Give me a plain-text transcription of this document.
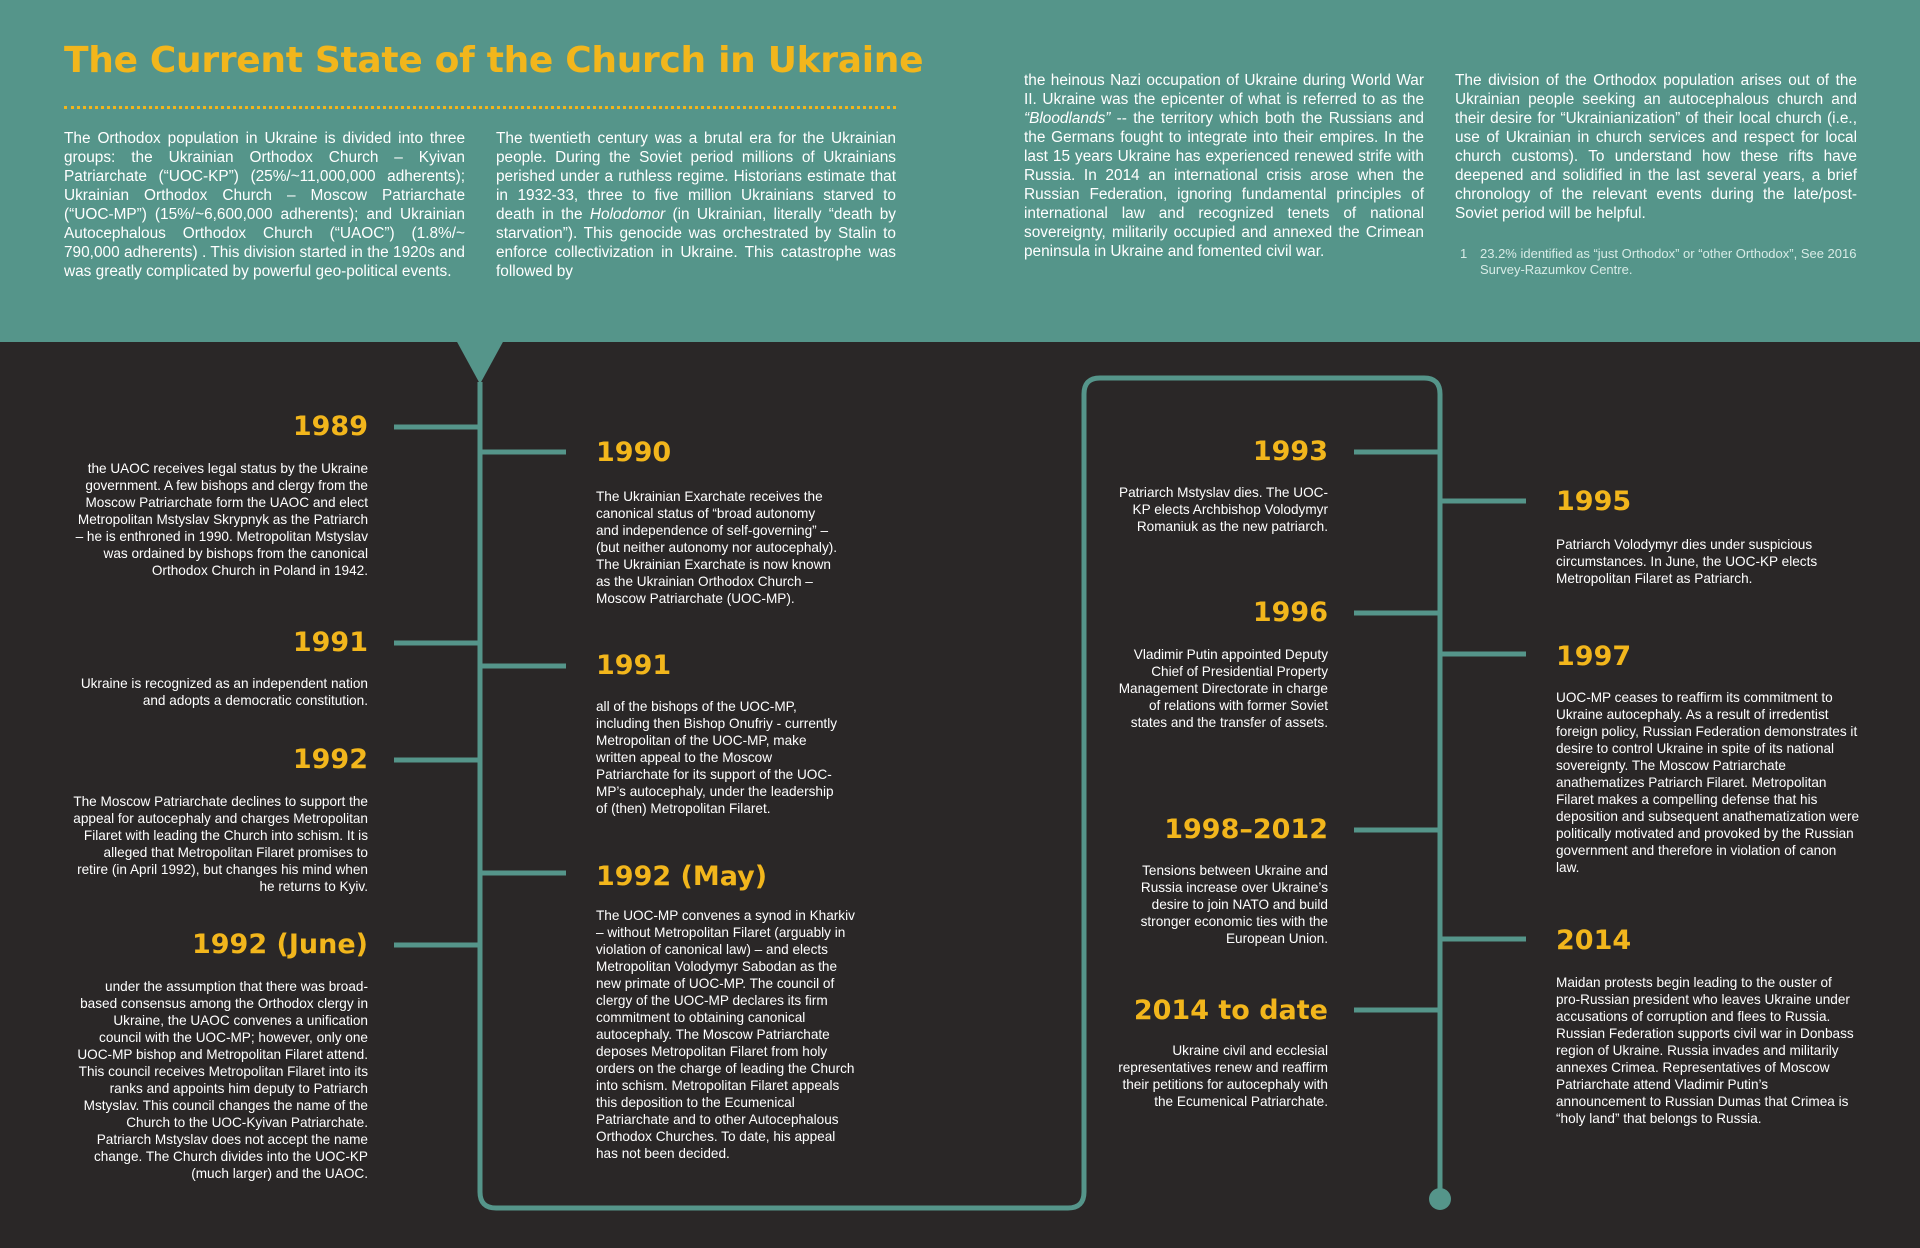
The Current State of the Church in Ukraine

The Orthodox population in Ukraine is divided into three groups: the Ukrainian Orthodox Church – Kyivan Patriarchate (“UOC-KP”) (25%/~11,000,000 adherents); Ukrainian Orthodox Church – Moscow Patriarchate (“UOC-MP”) (15%/~6,600,000 adherents); and Ukrainian Autocephalous Orthodox Church (“UAOC”) (1.8%/~ 790,000 adherents) . This division started in the 1920s and was greatly complicated by powerful geo-political events.

The twentieth century was a brutal era for the Ukrainian people. During the Soviet period millions of Ukrainians perished under a ruthless regime. Historians estimate that in 1932-33, three to five million Ukrainians starved to death in the Holodomor (in Ukrainian, literally “death by starvation”). This genocide was orchestrated by Stalin to enforce collectivization in Ukraine. This catastrophe was followed by

the heinous Nazi occupation of Ukraine during World War II. Ukraine was the epicenter of what is referred to as the “Bloodlands” -- the territory which both the Russians and the Germans fought to integrate into their empires. In the last 15 years Ukraine has experienced renewed strife with Russia. In 2014 an international crisis arose when the Russian Federation, ignoring fundamental principles of international law and recognized tenets of national sovereignty, militarily occupied and annexed the Crimean peninsula in Ukraine and fomented civil war.

The division of the Orthodox population arises out of the Ukrainian people seeking an autocephalous church and their desire for “Ukrainianization” of their local church (i.e., use of Ukrainian in church services and respect for local church customs). To understand how these rifts have deepened and solidified in the last several years, a brief chronology of the relevant events during the late/post-Soviet period will be helpful.

1 23.2% identified as “just Orthodox” or “other Orthodox”, See 2016 Survey-Razumkov Centre.
1989

the UAOC receives legal status by the Ukraine government. A few bishops and clergy from the Moscow Patriarchate form the UAOC and elect Metropolitan Mstyslav Skrypnyk as the Patriarch – he is enthroned in 1990. Metropolitan Mstyslav was ordained by bishops from the canonical Orthodox Church in Poland in 1942.

1991

Ukraine is recognized as an independent nation and adopts a democratic constitution.

1992

The Moscow Patriarchate declines to support the appeal for autocephaly and charges Metropolitan Filaret with leading the Church into schism. It is alleged that Metropolitan Filaret promises to retire (in April 1992), but changes his mind when he returns to Kyiv.

1992 (June)

under the assumption that there was broad-based consensus among the Orthodox clergy in Ukraine, the UAOC convenes a unification council with the UOC-MP; however, only one UOC-MP bishop and Metropolitan Filaret attend. This council receives Metropolitan Filaret into its ranks and appoints him deputy to Patriarch Mstyslav. This council changes the name of the Church to the UOC-Kyivan Patriarchate. Patriarch Mstyslav does not accept the name change. The Church divides into the UOC-KP (much larger) and the UAOC.

1990

The Ukrainian Exarchate receives the canonical status of “broad autonomy and independence of self-governing” – (but neither autonomy nor autocephaly). The Ukrainian Exarchate is now known as the Ukrainian Orthodox Church – Moscow Patriarchate (UOC-MP).

1991

all of the bishops of the UOC-MP, including then Bishop Onufriy - currently Metropolitan of the UOC-MP, make written appeal to the Moscow Patriarchate for its support of the UOC-MP’s autocephaly, under the leadership of (then) Metropolitan Filaret.

1992 (May)

The UOC-MP convenes a synod in Kharkiv – without Metropolitan Filaret (arguably in violation of canonical law) – and elects Metropolitan Volodymyr Sabodan as the new primate of UOC-MP. The council of clergy of the UOC-MP declares its firm commitment to obtaining canonical autocephaly. The Moscow Patriarchate deposes Metropolitan Filaret from holy orders on the charge of leading the Church into schism. Metropolitan Filaret appeals this deposition to the Ecumenical Patriarchate and to other Autocephalous Orthodox Churches. To date, his appeal has not been decided.

1993

Patriarch Mstyslav dies. The UOC-KP elects Archbishop Volodymyr Romaniuk as the new patriarch.

1996

Vladimir Putin appointed Deputy Chief of Presidential Property Management Directorate in charge of relations with former Soviet states and the transfer of assets.

1998–2012

Tensions between Ukraine and Russia increase over Ukraine’s desire to join NATO and build stronger economic ties with the European Union.

2014 to date

Ukraine civil and ecclesial representatives renew and reaffirm their petitions for autocephaly with the Ecumenical Patriarchate.

1995

Patriarch Volodymyr dies under suspicious circumstances. In June, the UOC-KP elects Metropolitan Filaret as Patriarch.

1997

UOC-MP ceases to reaffirm its commitment to Ukraine autocephaly. As a result of irredentist foreign policy, Russian Federation demonstrates it desire to control Ukraine in spite of its national sovereignty. The Moscow Patriarchate anathematizes Patriarch Filaret. Metropolitan Filaret makes a compelling defense that his deposition and subsequent anathematization were politically motivated and provoked by the Russian government and therefore in violation of canon law.

2014

Maidan protests begin leading to the ouster of pro-Russian president who leaves Ukraine under accusations of corruption and flees to Russia. Russian Federation supports civil war in Donbass region of Ukraine. Russia invades and militarily annexes Crimea. Representatives of Moscow Patriarchate attend Vladimir Putin’s announcement to Russian Dumas that Crimea is “holy land” that belongs to Russia.
